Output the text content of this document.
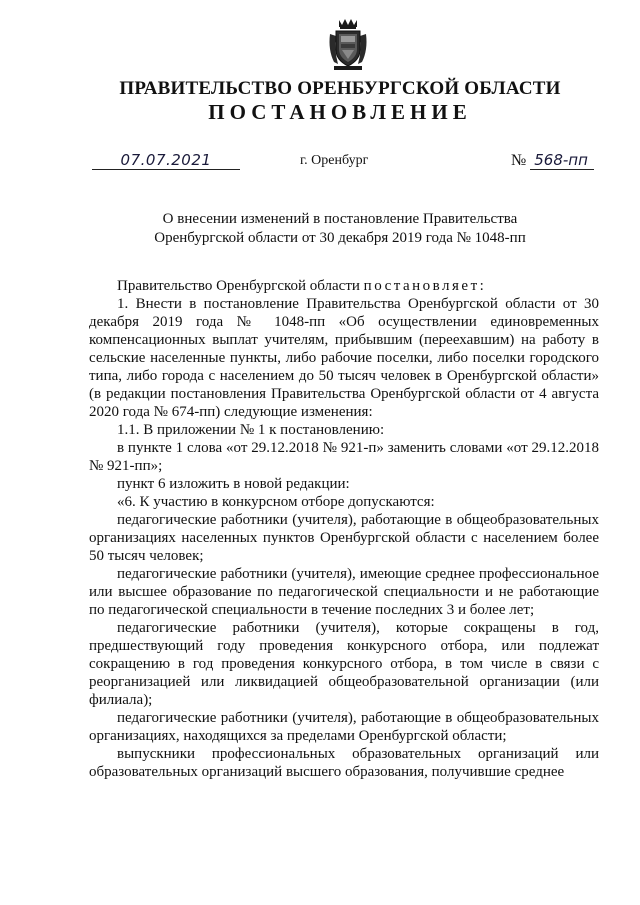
ПРАВИТЕЛЬСТВО ОРЕНБУРГСКОЙ ОБЛАСТИ
ПОСТАНОВЛЕНИЕ
07.07.2021	г. Оренбург	№ 568-пп
О внесении изменений в постановление Правительства
Оренбургской области от 30 декабря 2019 года № 1048-пп

Правительство Оренбургской области постановляет:

1. Внести в постановление Правительства Оренбургской области от 30 декабря 2019 года № 1048-пп «Об осуществлении единовременных компенсационных выплат учителям, прибывшим (переехавшим) на работу в сельские населенные пункты, либо рабочие поселки, либо поселки городского типа, либо города с населением до 50 тысяч человек в Оренбургской области» (в редакции постановления Правительства Оренбургской области от 4 августа 2020 года № 674-пп) следующие изменения:

1.1. В приложении № 1 к постановлению:

в пункте 1 слова «от 29.12.2018 № 921-п» заменить словами «от 29.12.2018 № 921-пп»;

пункт 6 изложить в новой редакции:

«6. К участию в конкурсном отборе допускаются:

педагогические работники (учителя), работающие в общеобразовательных организациях населенных пунктов Оренбургской области с населением более 50 тысяч человек;

педагогические работники (учителя), имеющие среднее профессиональное или высшее образование по педагогической специальности и не работающие по педагогической специальности в течение последних 3 и более лет;

педагогические работники (учителя), которые сокращены в год, предшествующий году проведения конкурсного отбора, или подлежат сокращению в год проведения конкурсного отбора, в том числе в связи с реорганизацией или ликвидацией общеобразовательной организации (или филиала);

педагогические работники (учителя), работающие в общеобразовательных организациях, находящихся за пределами Оренбургской области;

выпускники профессиональных образовательных организаций или образовательных организаций высшего образования, получившие среднее
